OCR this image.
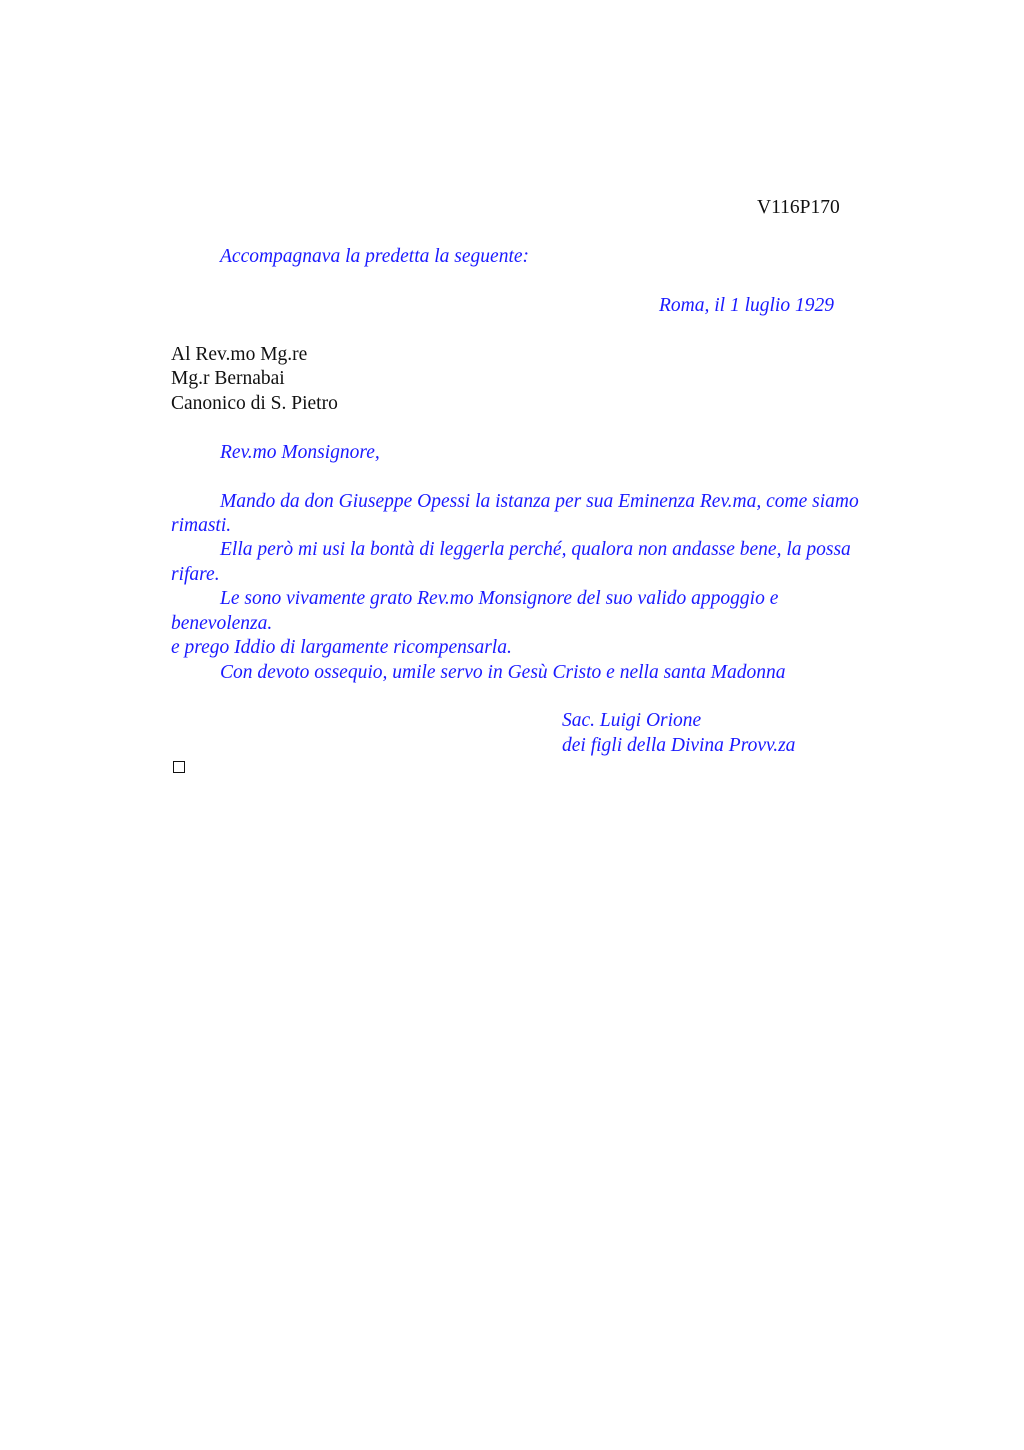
V116P170
Accompagnava la predetta la seguente:
Roma, il 1 luglio 1929
Al Rev.mo Mg.re
Mg.r Bernabai
Canonico di S. Pietro
Rev.mo Monsignore,
Mando da don Giuseppe Opessi la istanza per sua Eminenza Rev.ma, come siamo
rimasti.
Ella però mi usi la bontà di leggerla perché, qualora non andasse bene, la possa
rifare.
Le sono vivamente grato Rev.mo Monsignore del suo valido appoggio e
benevolenza.
e prego Iddio di largamente ricompensarla.
Con devoto ossequio, umile servo in Gesù Cristo e nella santa Madonna
Sac. Luigi Orione
dei figli della Divina Provv.za
